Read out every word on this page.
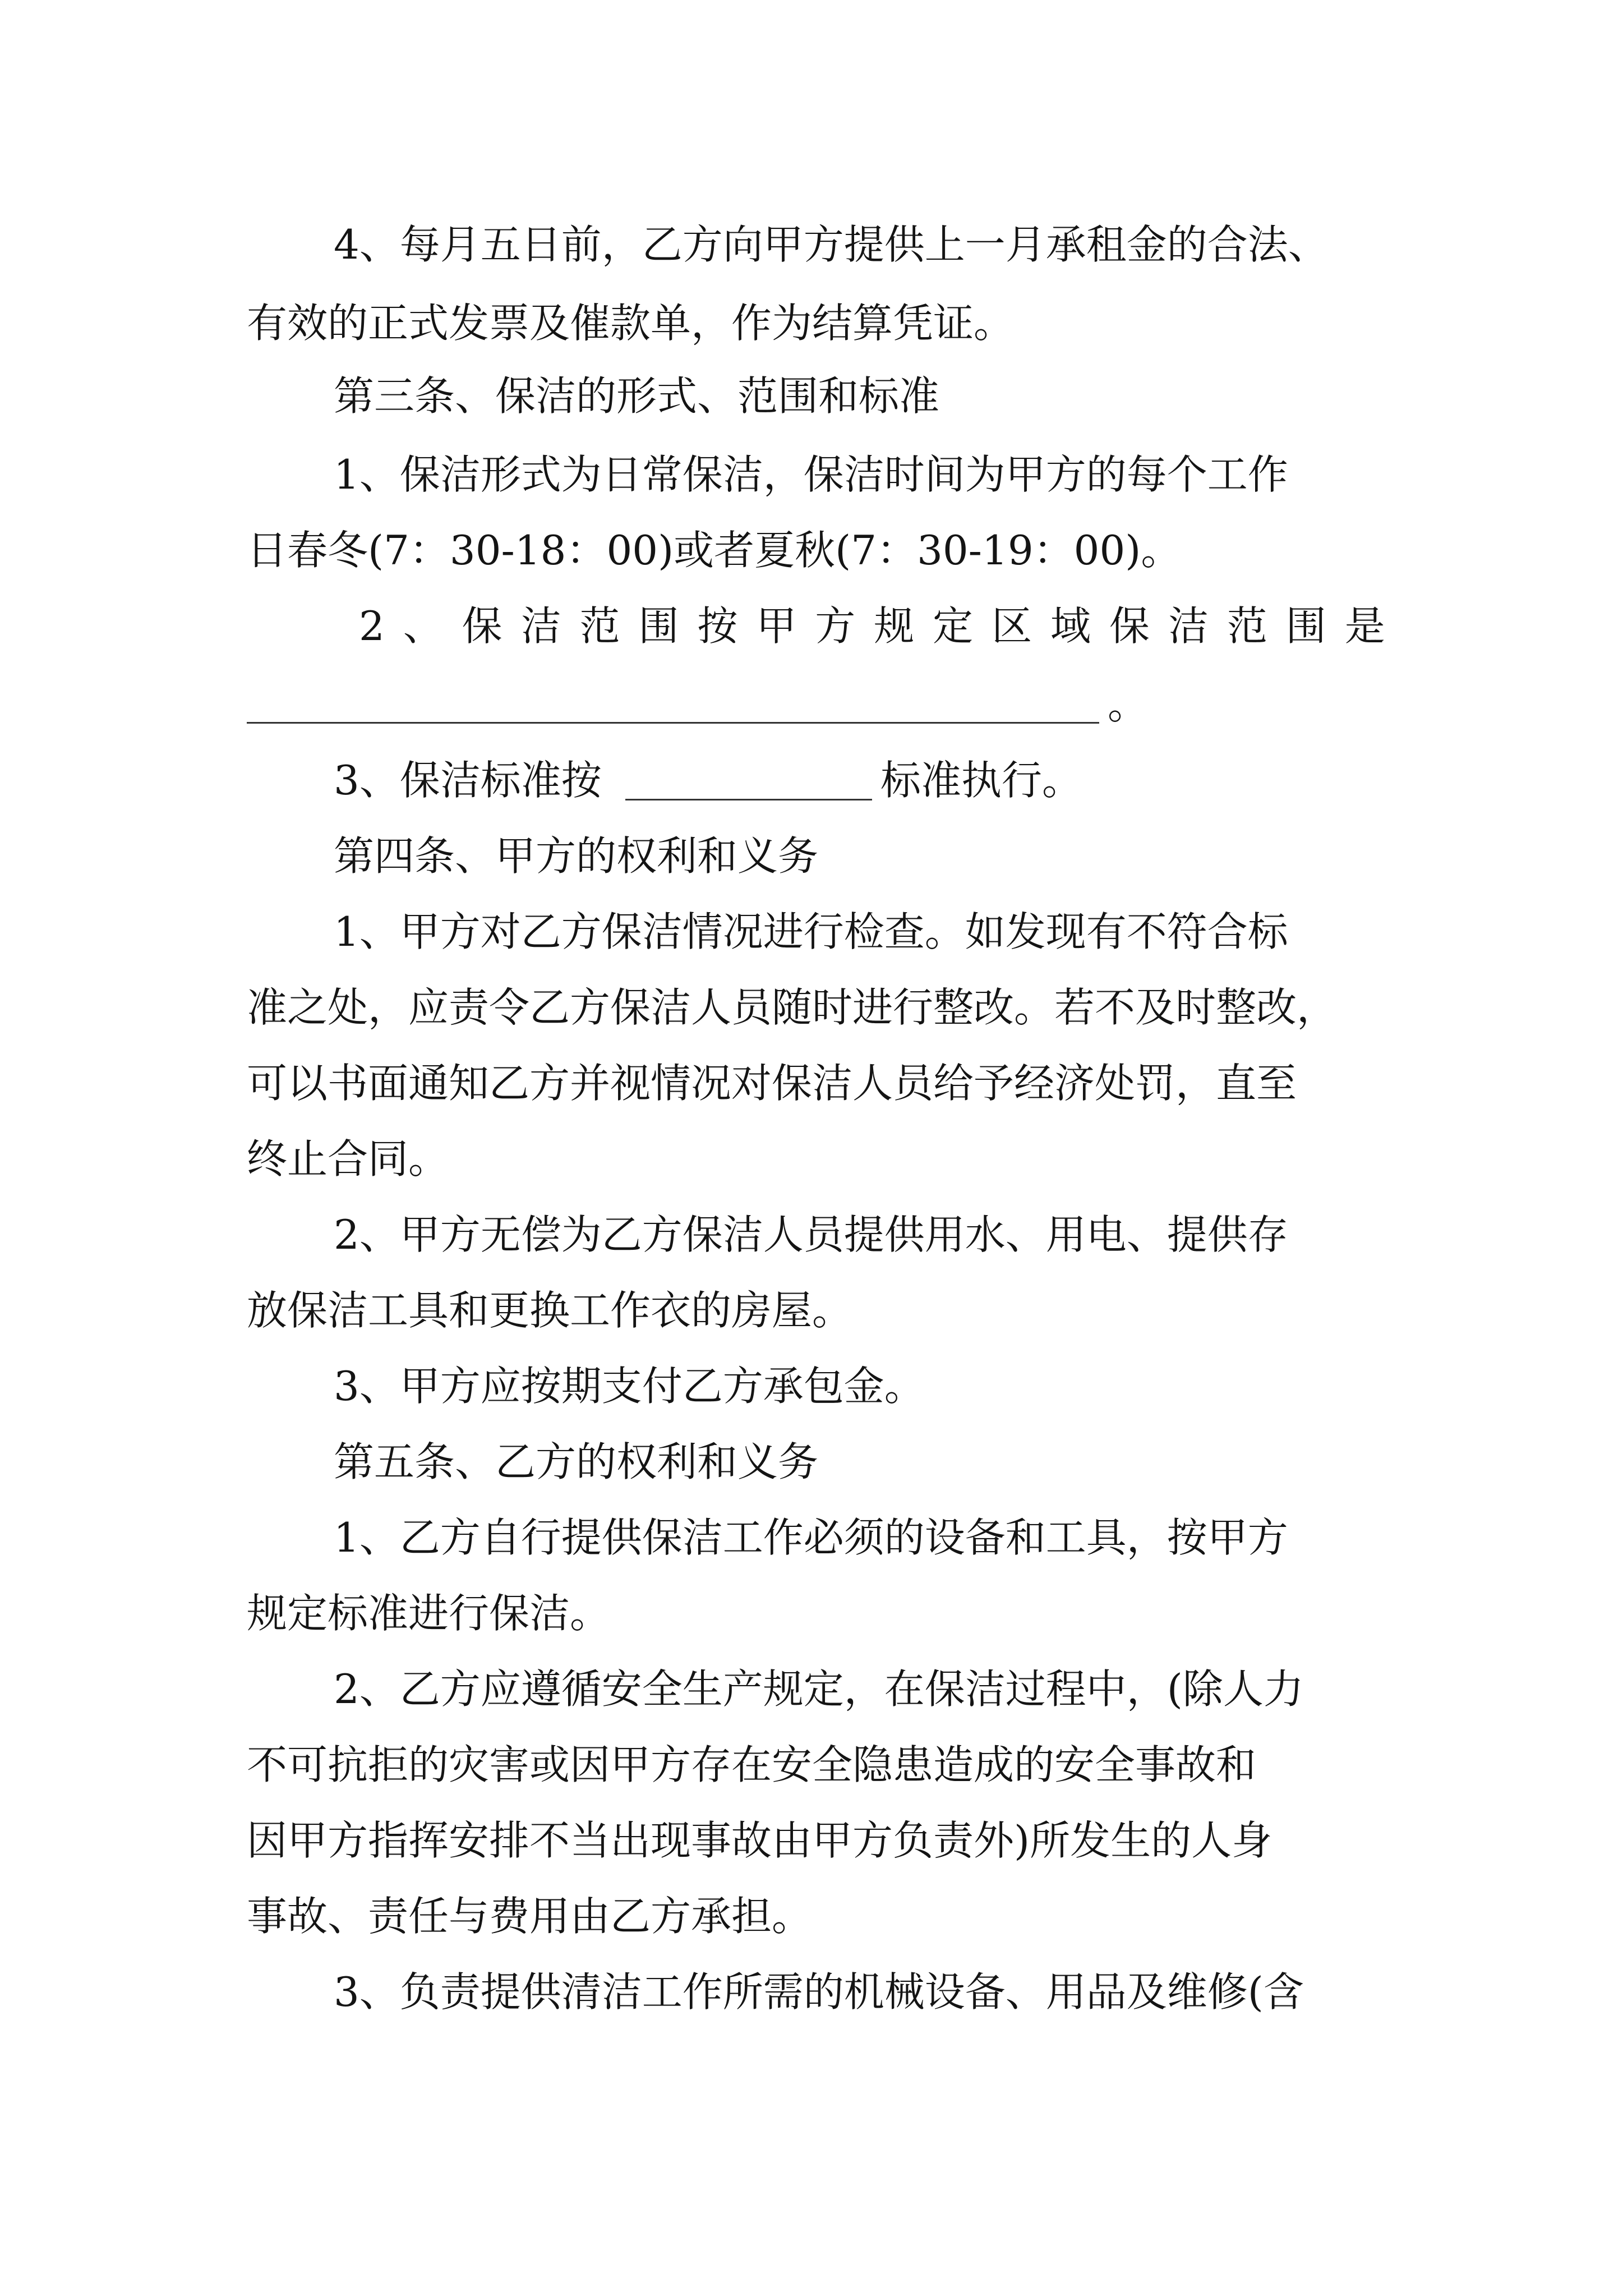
4、每月五日前，乙方向甲方提供上一月承租金的合法、

有效的正式发票及催款单，作为结算凭证。

第三条、保洁的形式、范围和标准

1、保洁形式为日常保洁，保洁时间为甲方的每个工作

日春冬(7：30-18：00)或者夏秋(7：30-19：00)。

2 、 保 洁 范 围 按 甲 方 规 定 区 域 保 洁 范 围 是

。

3、保洁标准按	标准执行。

第四条、甲方的权利和义务

1、甲方对乙方保洁情况进行检查。如发现有不符合标

准之处，应责令乙方保洁人员随时进行整改。若不及时整改，

可以书面通知乙方并视情况对保洁人员给予经济处罚，直至

终止合同。

2、甲方无偿为乙方保洁人员提供用水、用电、提供存

放保洁工具和更换工作衣的房屋。

3、甲方应按期支付乙方承包金。

第五条、乙方的权利和义务

1、乙方自行提供保洁工作必须的设备和工具，按甲方

规定标准进行保洁。

2、乙方应遵循安全生产规定，在保洁过程中，(除人力

不可抗拒的灾害或因甲方存在安全隐患造成的安全事故和

因甲方指挥安排不当出现事故由甲方负责外)所发生的人身

事故、责任与费用由乙方承担。

3、负责提供清洁工作所需的机械设备、用品及维修(含
